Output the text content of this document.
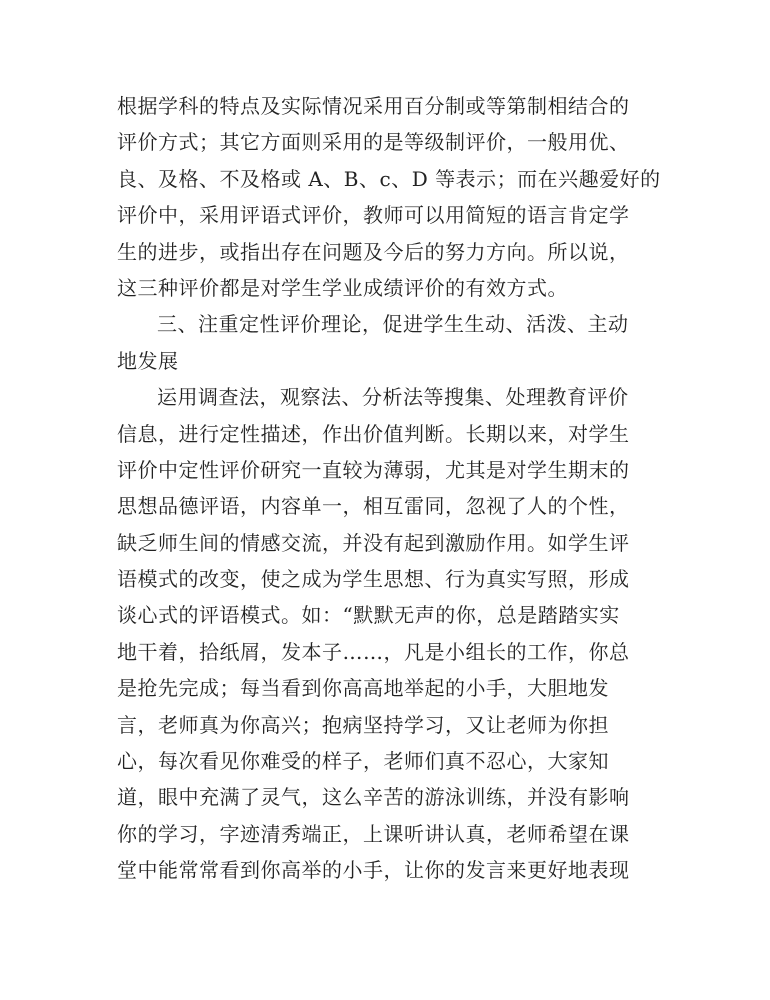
根据学科的特点及实际情况采用百分制或等第制相结合的
评价方式；其它方面则采用的是等级制评价，一般用优、
良、及格、不及格或 A、B、c、D 等表示；而在兴趣爱好的
评价中，采用评语式评价，教师可以用简短的语言肯定学
生的进步，或指出存在问题及今后的努力方向。所以说，
这三种评价都是对学生学业成绩评价的有效方式。
三、注重定性评价理论，促进学生生动、活泼、主动
地发展
运用调查法，观察法、分析法等搜集、处理教育评价
信息，进行定性描述，作出价值判断。长期以来，对学生
评价中定性评价研究一直较为薄弱，尤其是对学生期末的
思想品德评语，内容单一，相互雷同，忽视了人的个性，
缺乏师生间的情感交流，并没有起到激励作用。如学生评
语模式的改变，使之成为学生思想、行为真实写照，形成
谈心式的评语模式。如：“默默无声的你，总是踏踏实实
地干着，拾纸屑，发本子……，凡是小组长的工作，你总
是抢先完成；每当看到你高高地举起的小手，大胆地发
言，老师真为你高兴；抱病坚持学习，又让老师为你担
心，每次看见你难受的样子，老师们真不忍心，大家知
道，眼中充满了灵气，这么辛苦的游泳训练，并没有影响
你的学习，字迹清秀端正，上课听讲认真，老师希望在课
堂中能常常看到你高举的小手，让你的发言来更好地表现
